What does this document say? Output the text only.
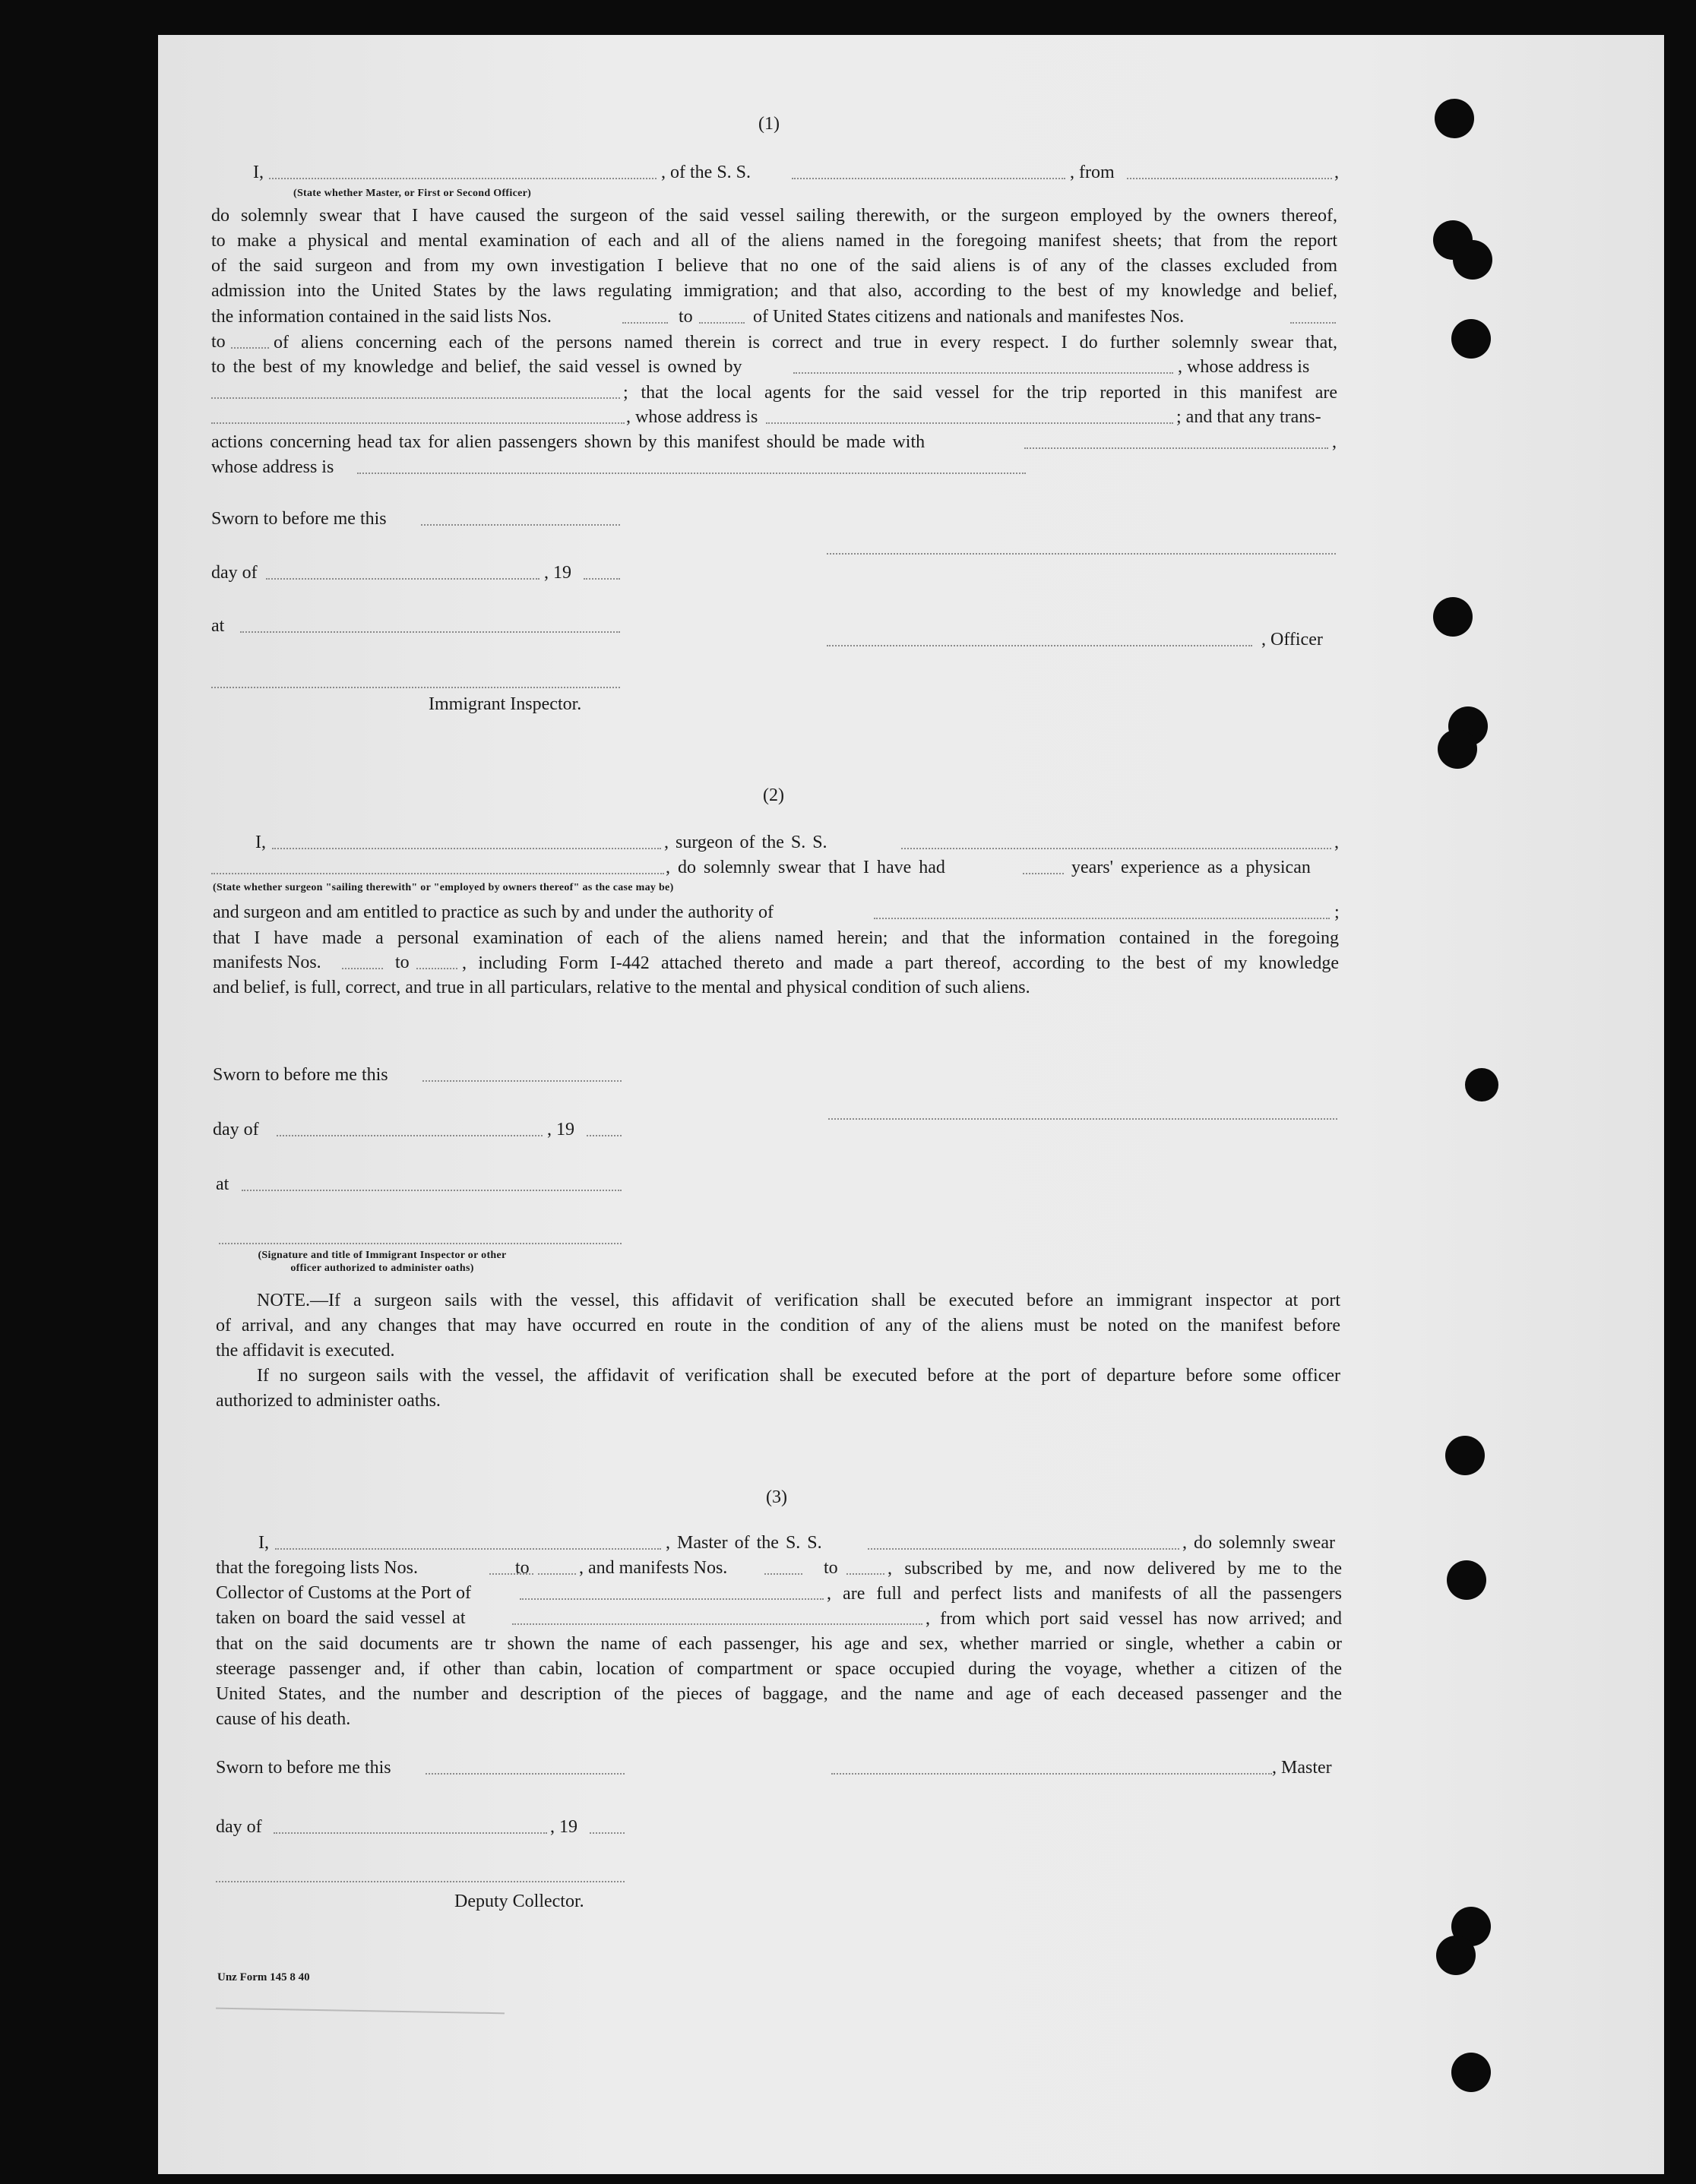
(1)
I,	, of the S. S.	, from	,
(State whether Master, or First or Second Officer)
do solemnly swear that I have caused the surgeon of the said vessel sailing therewith, or the surgeon employed by the owners thereof,
to make a physical and mental examination of each and all of the aliens named in the foregoing manifest sheets; that from the report
of the said surgeon and from my own investigation I believe that no one of the said aliens is of any of the classes excluded from
admission into the United States by the laws regulating immigration; and that also, according to the best of my knowledge and belief,
the information contained in the said lists Nos.	to	of United States citizens and nationals and manifestes Nos.
to	of aliens concerning each of the persons named therein is correct and true in every respect. I do further solemnly swear that,
to the best of my knowledge and belief, the said vessel is owned by	, whose address is
; that the local agents for the said vessel for the trip reported in this manifest are
, whose address is	; and that any trans-
actions concerning head tax for alien passengers shown by this manifest should be made with	,
whose address is
Sworn to before me this
day of	, 19
at
, Officer
Immigrant Inspector.
(2)
I,	, surgeon of the S. S.	,
, do solemnly swear that I have had	years' experience as a physican
(State whether surgeon "sailing therewith" or "employed by owners thereof" as the case may be)
and surgeon and am entitled to practice as such by and under the authority of	;
that I have made a personal examination of each of the aliens named herein; and that the information contained in the foregoing
manifests Nos.	to	, including Form I-442 attached thereto and made a part thereof, according to the best of my knowledge
and belief, is full, correct, and true in all particulars, relative to the mental and physical condition of such aliens.
Sworn to before me this
day of	, 19
at
(Signature and title of Immigrant Inspector or other
officer authorized to administer oaths)
NOTE.—If a surgeon sails with the vessel, this affidavit of verification shall be executed before an immigrant inspector at port
of arrival, and any changes that may have occurred en route in the condition of any of the aliens must be noted on the manifest before
the affidavit is executed.
If no surgeon sails with the vessel, the affidavit of verification shall be executed before at the port of departure before some officer
authorized to administer oaths.
(3)
I,	, Master of the S. S.	, do solemnly swear
that the foregoing lists Nos.	to	, and manifests Nos.	to	, subscribed by me, and now delivered by me to the
Collector of Customs at the Port of	, are full and perfect lists and manifests of all the passengers
taken on board the said vessel at	, from which port said vessel has now arrived; and
that on the said documents are tr shown the name of each passenger, his age and sex, whether married or single, whether a cabin or
steerage passenger and, if other than cabin, location of compartment or space occupied during the voyage, whether a citizen of the
United States, and the number and description of the pieces of baggage, and the name and age of each deceased passenger and the
cause of his death.
Sworn to before me this	, Master
day of	, 19
Deputy Collector.
Unz Form 145 8 40
